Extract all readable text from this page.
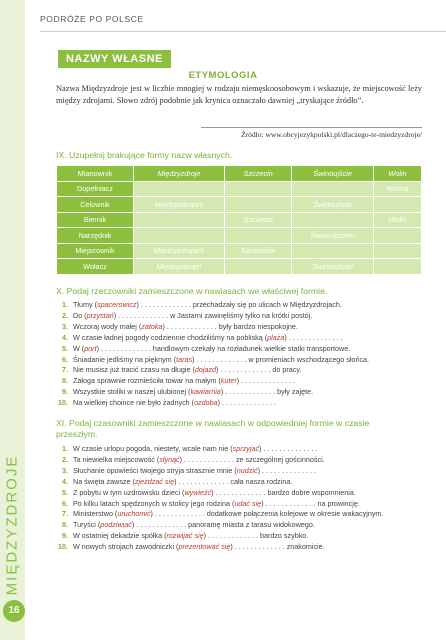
MIĘDZYZDROJE
16
PODRÓŻE PO POLSCE
NAZWY WŁASNE
ETYMOLOGIA
Nazwa Międzyzdroje jest w liczbie mnogiej w rodzaju niemęskoosobowym i wskazuje, że miejscowość leży między zdrojami. Słowo zdrój podobnie jak krynica oznaczało dawniej „tryskające źródło”.
Źródło: www.obcyjezykpolski.pl/dlaczego-te-miedzyzdroje/
IX. Uzupełnij brakujące formy nazw własnych.
Mianownik	Międzyzdroje	Szczecin	Świnoujście	Wolin
Dopełniacz				Wolina
Celownik	Międzyzdrojom		Świnoujściu	
Biernik		Szczecin		Wolin
Narzędnik			Świnoujściem	
Miejscownik	Międzyzdrojach	Szczecinie		
Wołacz	Międzyzdroje!		Świnoujście!	
X. Podaj rzeczowniki zamieszczone w nawiasach we właściwej formie.
1. Tłumy (spacerowicz) . . . . . . . . . . . . . przechadzały się po ulicach w Międzyzdrojach.
2. Do (przystań) . . . . . . . . . . . . . w Jastarni zawinęliśmy tylko na krótki postój.
3. Wczoraj wody małej (zatoka) . . . . . . . . . . . . . były bardzo niespokojne.
4. W czasie ładnej pogody codziennie chodziliśmy na pobliską (plaża) . . . . . . . . . . . . . .
5. W (port) . . . . . . . . . . . . . handlowym czekały na rozładunek wielkie statki transportowe.
6. Śniadanie jedliśmy na pięknym (taras) . . . . . . . . . . . . . w promieniach wschodzącego słońca.
7. Nie musisz już tracić czasu na długie (dojazd) . . . . . . . . . . . . . do pracy.
8. Załoga sprawnie rozmieściła towar na małym (kuter) . . . . . . . . . . . . . .
9. Wszystkie stoliki w naszej ulubionej (kawiarnia) . . . . . . . . . . . . . były zajęte.
10. Na wielkiej choince nie było żadnych (ozdoba) . . . . . . . . . . . . . .
XI. Podaj czasowniki zamieszczone w nawiasach w odpowiedniej formie w czasie przeszłym.
1. W czasie urlopu pogoda, niestety, wcale nam nie (sprzyjać) . . . . . . . . . . . . . .
2. Ta niewielka miejscowość (słynąć) . . . . . . . . . . . . . ze szczególnej gościnności.
3. Słuchanie opowieści twojego stryja strasznie mnie (nudzić) . . . . . . . . . . . . . .
4. Na święta zawsze (zjeżdżać się) . . . . . . . . . . . . . cała nasza rodzina.
5. Z pobytu w tym uzdrowisku dzieci (wywieźć) . . . . . . . . . . . . . bardzo dobre wspomnienia.
6. Po kilku latach spędzonych w stolicy jego rodzina (udać się) . . . . . . . . . . . . . na prowincję.
7. Ministerstwo (uruchomić) . . . . . . . . . . . . . dodatkowe połączenia kolejowe w okresie wakacyjnym.
8. Turyści (podziwiać) . . . . . . . . . . . . . panoramę miasta z tarasu widokowego.
9. W ostatniej dekadzie spółka (rozwijać się) . . . . . . . . . . . . . bardzo szybko.
10. W nowych strojach zawodniczki (prezentować się) . . . . . . . . . . . . . znakomicie.
